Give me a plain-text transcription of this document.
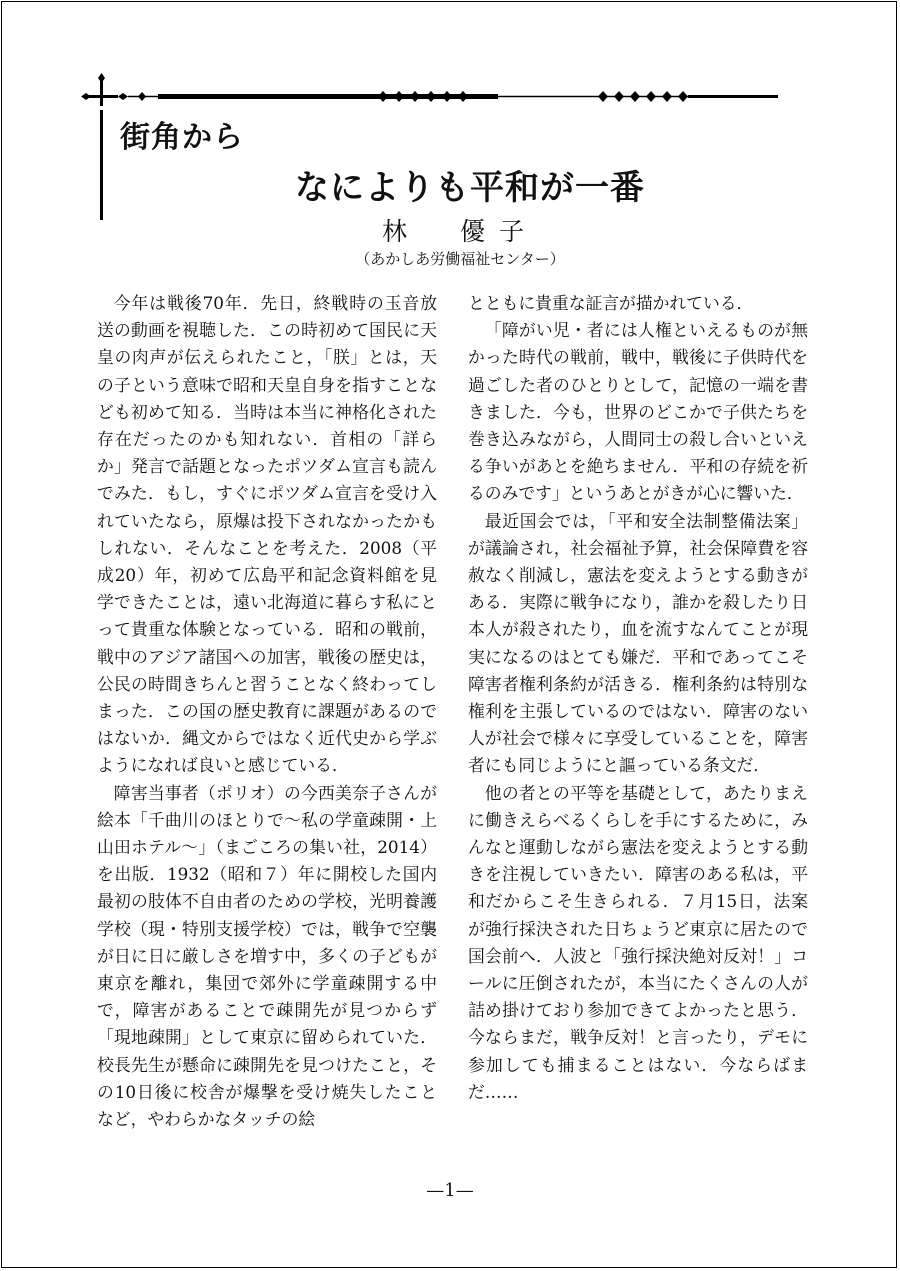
街角から
なによりも平和が一番
林　優子
（あかしあ労働福祉センター）

今年は戦後70年．先日，終戦時の玉音放送の動画を視聴した．この時初めて国民に天皇の肉声が伝えられたこと，「朕」とは，天の子という意味で昭和天皇自身を指すことなども初めて知る．当時は本当に神格化された存在だったのかも知れない．首相の「詳らか」発言で話題となったポツダム宣言も読んでみた．もし，すぐにポツダム宣言を受け入れていたなら，原爆は投下されなかったかもしれない．そんなことを考えた．2008（平成20）年，初めて広島平和記念資料館を見学できたことは，遠い北海道に暮らす私にとって貴重な体験となっている．昭和の戦前，戦中のアジア諸国への加害，戦後の歴史は，公民の時間きちんと習うことなく終わってしまった．この国の歴史教育に課題があるのではないか．縄文からではなく近代史から学ぶようになれば良いと感じている．

障害当事者（ポリオ）の今西美奈子さんが絵本「千曲川のほとりで～私の学童疎開・上山田ホテル～」（まごころの集い社，2014）を出版．1932（昭和７）年に開校した国内最初の肢体不自由者のための学校，光明養護学校（現・特別支援学校）では，戦争で空襲が日に日に厳しさを増す中，多くの子どもが東京を離れ，集団で郊外に学童疎開する中で，障害があることで疎開先が見つからず「現地疎開」として東京に留められていた．校長先生が懸命に疎開先を見つけたこと，その10日後に校舎が爆撃を受け焼失したことなど，やわらかなタッチの絵

とともに貴重な証言が描かれている．

「障がい児・者には人権といえるものが無かった時代の戦前，戦中，戦後に子供時代を過ごした者のひとりとして，記憶の一端を書きました．今も，世界のどこかで子供たちを巻き込みながら，人間同士の殺し合いといえる争いがあとを絶ちません．平和の存続を祈るのみです」というあとがきが心に響いた．

最近国会では，「平和安全法制整備法案」が議論され，社会福祉予算，社会保障費を容赦なく削減し，憲法を変えようとする動きがある．実際に戦争になり，誰かを殺したり日本人が殺されたり，血を流すなんてことが現実になるのはとても嫌だ．平和であってこそ障害者権利条約が活きる．権利条約は特別な権利を主張しているのではない．障害のない人が社会で様々に享受していることを，障害者にも同じようにと謳っている条文だ．

他の者との平等を基礎として，あたりまえに働きえらべるくらしを手にするために，みんなと運動しながら憲法を変えようとする動きを注視していきたい．障害のある私は，平和だからこそ生きられる．７月15日，法案が強行採決された日ちょうど東京に居たので国会前へ．人波と「強行採決絶対反対！」コールに圧倒されたが，本当にたくさんの人が詰め掛けており参加できてよかったと思う．今ならまだ，戦争反対！と言ったり，デモに参加しても捕まることはない．今ならばまだ……

—1—
